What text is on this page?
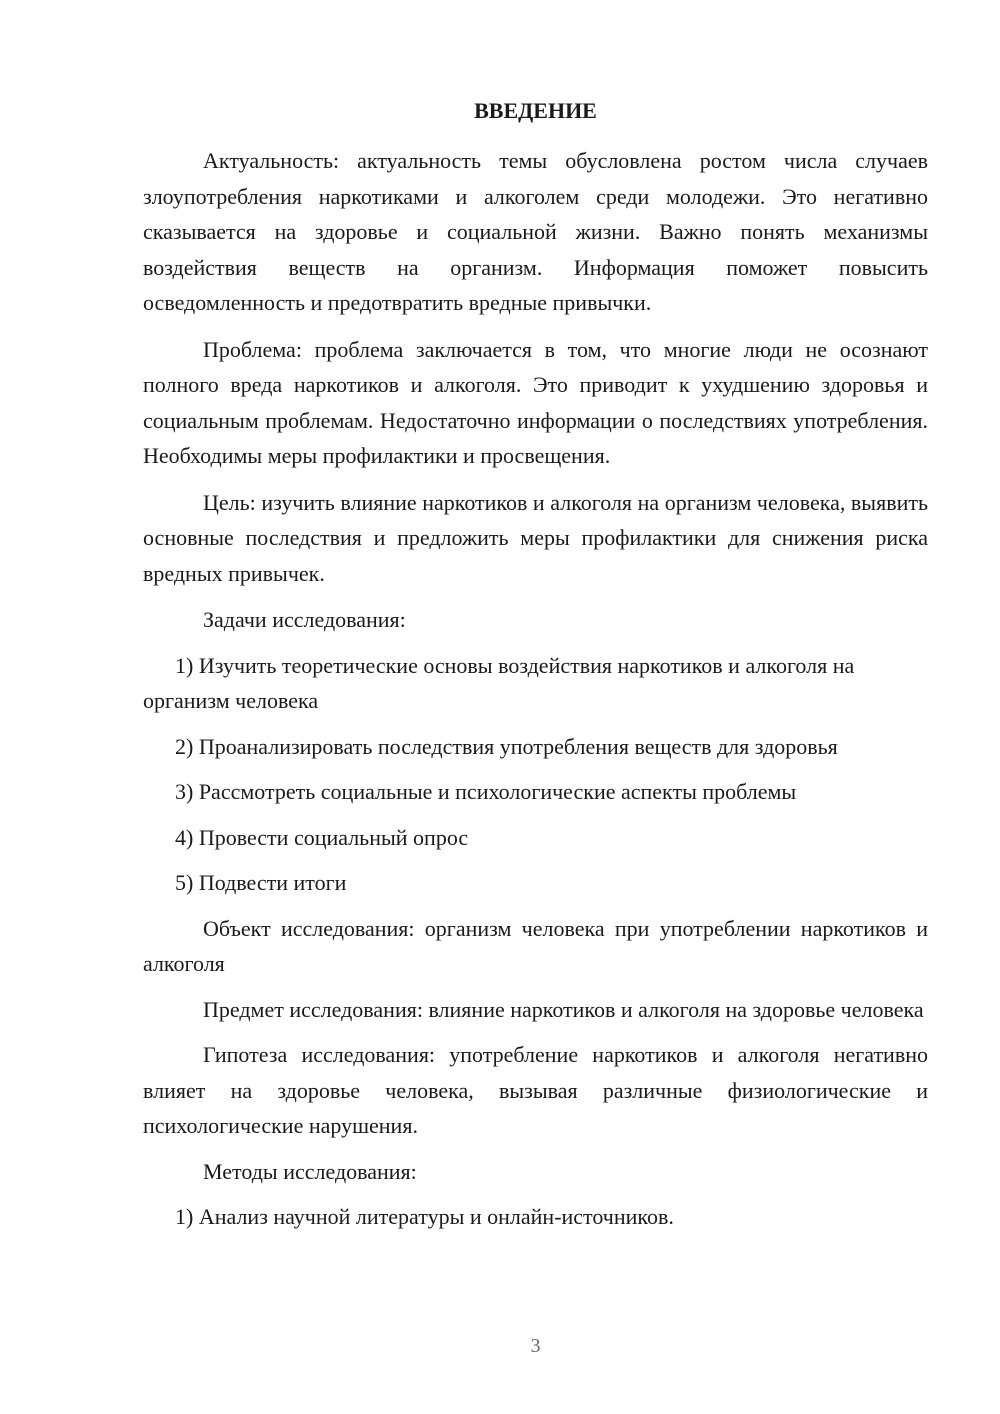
ВВЕДЕНИЕ

Актуальность: актуальность темы обусловлена ростом числа случаев злоупотребления наркотиками и алкоголем среди молодежи. Это негативно сказывается на здоровье и социальной жизни. Важно понять механизмы воздействия веществ на организм. Информация поможет повысить осведомленность и предотвратить вредные привычки.

Проблема: проблема заключается в том, что многие люди не осознают полного вреда наркотиков и алкоголя. Это приводит к ухудшению здоровья и социальным проблемам. Недостаточно информации о последствиях употребления. Необходимы меры профилактики и просвещения.

Цель: изучить влияние наркотиков и алкоголя на организм человека, выявить основные последствия и предложить меры профилактики для снижения риска вредных привычек.

Задачи исследования:

1) Изучить теоретические основы воздействия наркотиков и алкоголя на организм человека

2) Проанализировать последствия употребления веществ для здоровья

3) Рассмотреть социальные и психологические аспекты проблемы

4) Провести социальный опрос

5) Подвести итоги

Объект исследования: организм человека при употреблении наркотиков и алкоголя

Предмет исследования: влияние наркотиков и алкоголя на здоровье человека

Гипотеза исследования: употребление наркотиков и алкоголя негативно влияет на здоровье человека, вызывая различные физиологические и психологические нарушения.

Методы исследования:

1) Анализ научной литературы и онлайн-источников.

3
